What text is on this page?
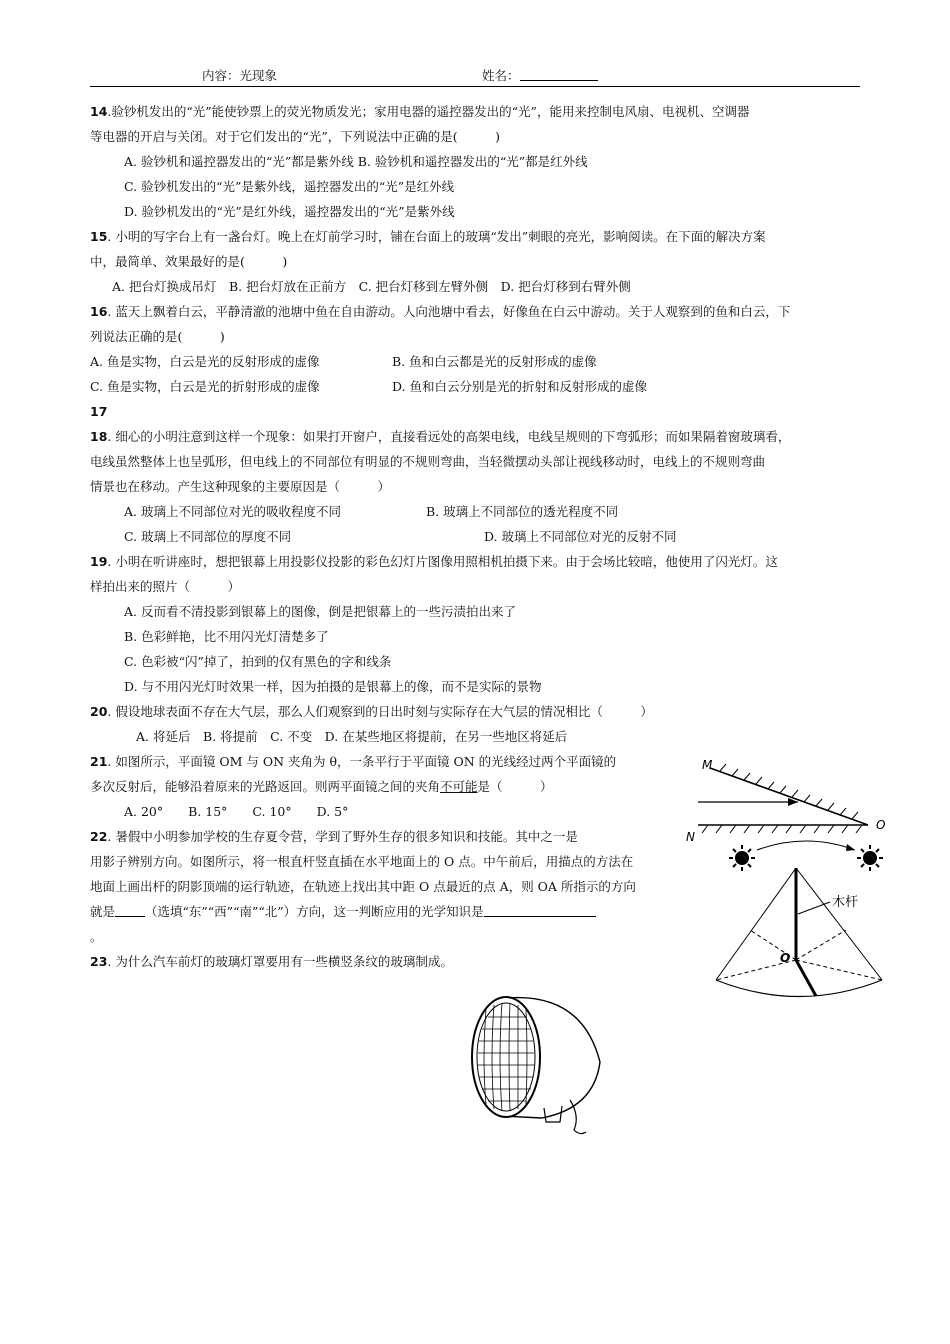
内容：光现象	姓名：
14.验钞机发出的“光”能使钞票上的荧光物质发光；家用电器的遥控器发出的“光”，能用来控制电风扇、电视机、空调器
等电器的开启与关闭。对于它们发出的“光”，下列说法中正确的是(　　　)
A. 验钞机和遥控器发出的“光”都是紫外线 B. 验钞机和遥控器发出的“光”都是红外线
C. 验钞机发出的“光”是紫外线，遥控器发出的“光”是红外线
D. 验钞机发出的“光”是红外线，遥控器发出的“光”是紫外线
15. 小明的写字台上有一盏台灯。晚上在灯前学习时，铺在台面上的玻璃“发出”刺眼的亮光，影响阅读。在下面的解决方案
中，最简单、效果最好的是(　　　)
A. 把台灯换成吊灯　B. 把台灯放在正前方　C. 把台灯移到左臂外侧　D. 把台灯移到右臂外侧
16. 蓝天上飘着白云，平静清澈的池塘中鱼在自由游动。人向池塘中看去，好像鱼在白云中游动。关于人观察到的鱼和白云，下
列说法正确的是(　　　)
A. 鱼是实物，白云是光的反射形成的虚像	B. 鱼和白云都是光的反射形成的虚像
C. 鱼是实物，白云是光的折射形成的虚像	D. 鱼和白云分别是光的折射和反射形成的虚像
17
18. 细心的小明注意到这样一个现象：如果打开窗户，直接看远处的高架电线，电线呈规则的下弯弧形；而如果隔着窗玻璃看，
电线虽然整体上也呈弧形，但电线上的不同部位有明显的不规则弯曲，当轻微摆动头部让视线移动时，电线上的不规则弯曲
情景也在移动。产生这种现象的主要原因是（　　　）
A. 玻璃上不同部位对光的吸收程度不同	B. 玻璃上不同部位的透光程度不同
C. 玻璃上不同部位的厚度不同	D. 玻璃上不同部位对光的反射不同
19. 小明在听讲座时，想把银幕上用投影仪投影的彩色幻灯片图像用照相机拍摄下来。由于会场比较暗，他使用了闪光灯。这
样拍出来的照片（　　　）
A. 反而看不清投影到银幕上的图像，倒是把银幕上的一些污渍拍出来了
B. 色彩鲜艳，比不用闪光灯清楚多了
C. 色彩被“闪”掉了，拍到的仅有黑色的字和线条
D. 与不用闪光灯时效果一样，因为拍摄的是银幕上的像，而不是实际的景物
20. 假设地球表面不存在大气层，那么人们观察到的日出时刻与实际存在大气层的情况相比（　　　）
A. 将延后　B. 将提前　C. 不变　D. 在某些地区将提前，在另一些地区将延后
21. 如图所示，平面镜 OM 与 ON 夹角为 θ，一条平行于平面镜 ON 的光线经过两个平面镜的
多次反射后，能够沿着原来的光路返回。则两平面镜之间的夹角不可能是（　　　）
A. 20°　　B. 15°　　C. 10°　　D. 5°
22. 暑假中小明参加学校的生存夏令营，学到了野外生存的很多知识和技能。其中之一是
用影子辨别方向。如图所示，将一根直杆竖直插在水平地面上的 O 点。中午前后，用描点的方法在
地面上画出杆的阴影顶端的运行轨迹，在轨迹上找出其中距 O 点最近的点 A，则 OA 所指示的方向
就是 （选填“东”“西”“南”“北”）方向，这一判断应用的光学知识是
。
23. 为什么汽车前灯的玻璃灯罩要用有一些横竖条纹的玻璃制成。
M
N
O
木杆
O
